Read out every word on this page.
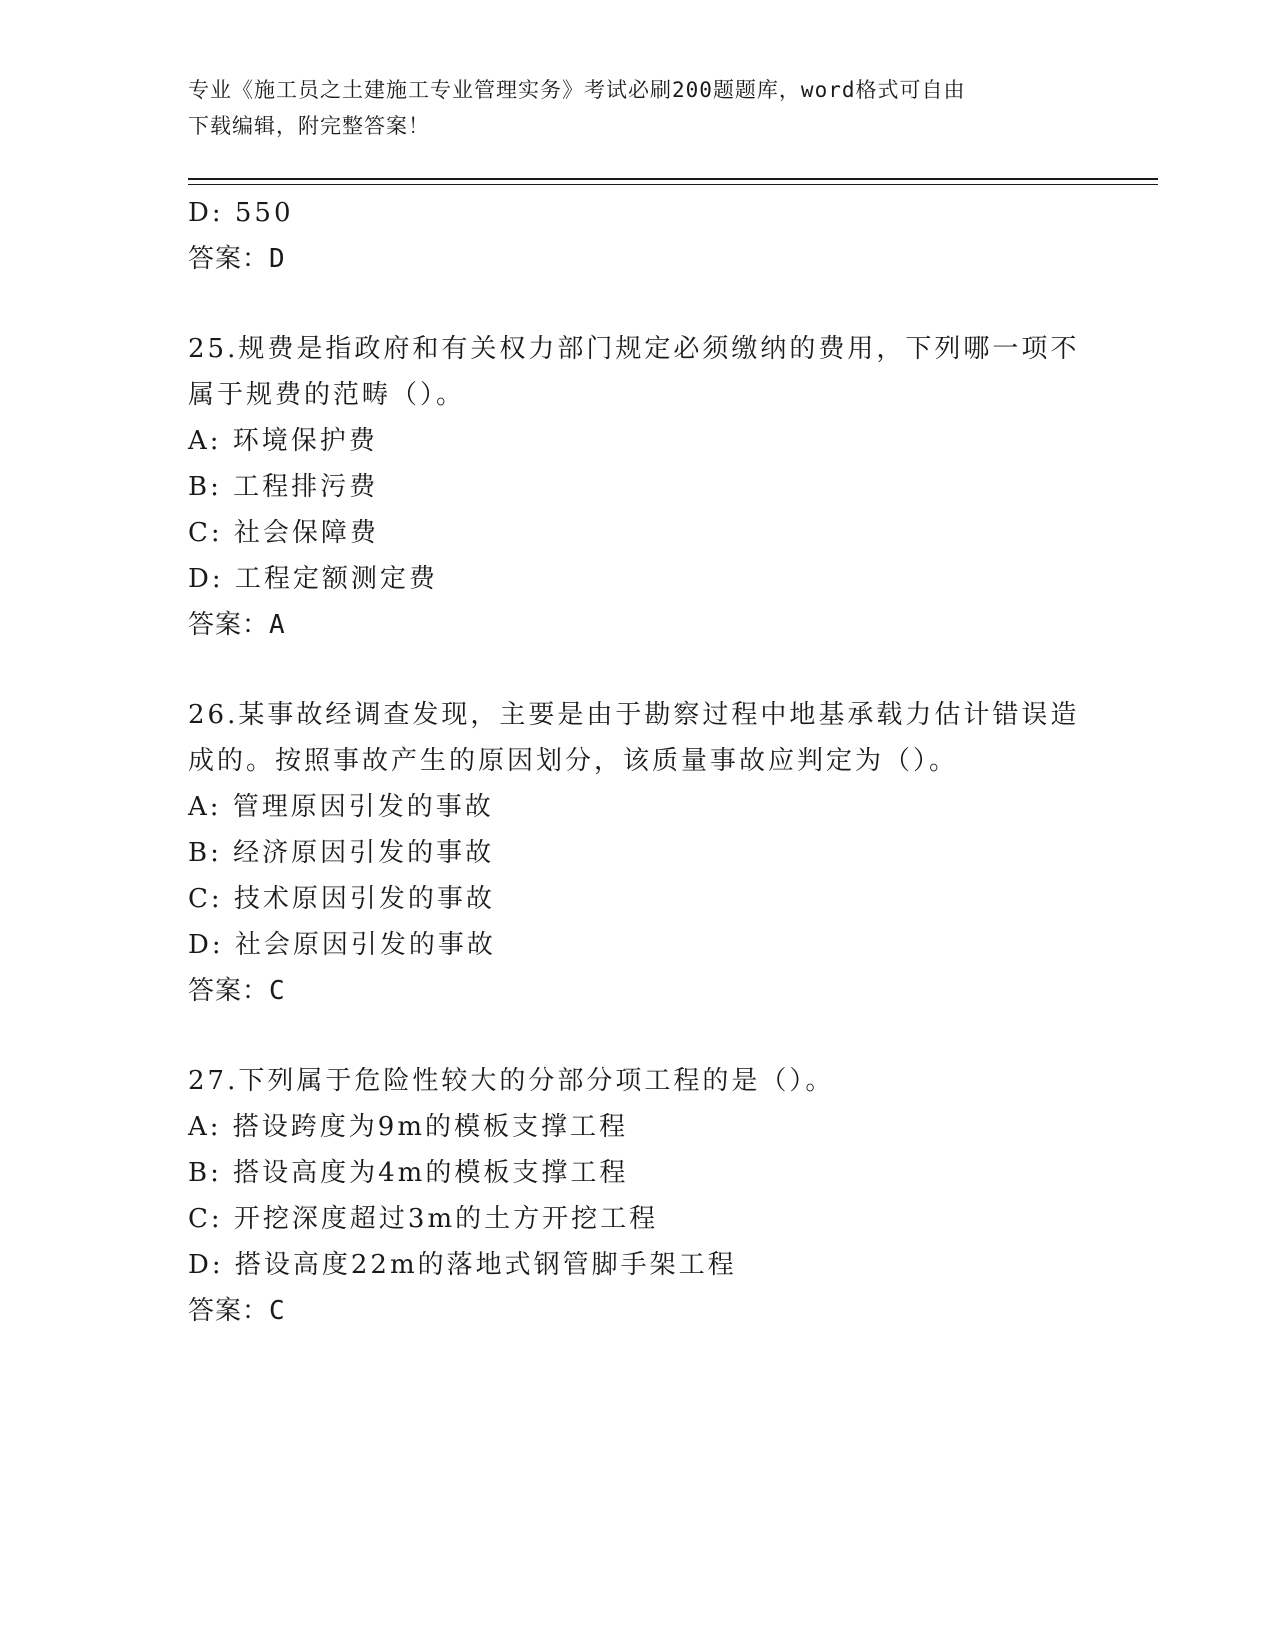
专业《施工员之土建施工专业管理实务》考试必刷200题题库，word格式可自由
下载编辑，附完整答案！
D: 550
答案：D
25.规费是指政府和有关权力部门规定必须缴纳的费用，下列哪一项不
属于规费的范畴（）。
A: 环境保护费
B: 工程排污费
C: 社会保障费
D: 工程定额测定费
答案：A
26.某事故经调查发现，主要是由于勘察过程中地基承载力估计错误造
成的。按照事故产生的原因划分，该质量事故应判定为（）。
A: 管理原因引发的事故
B: 经济原因引发的事故
C: 技术原因引发的事故
D: 社会原因引发的事故
答案：C
27.下列属于危险性较大的分部分项工程的是（）。
A: 搭设跨度为9m的模板支撑工程
B: 搭设高度为4m的模板支撑工程
C: 开挖深度超过3m的土方开挖工程
D: 搭设高度22m的落地式钢管脚手架工程
答案：C
